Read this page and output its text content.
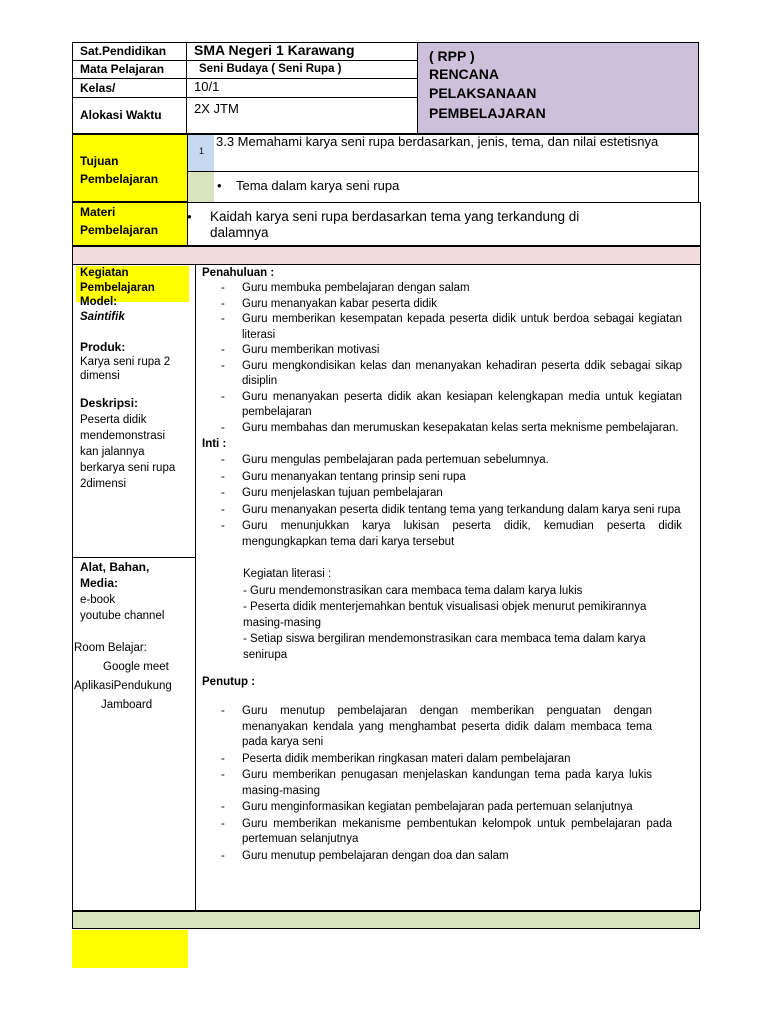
Sat.Pendidikan SMA Negeri 1 Karawang
Mata Pelajaran	Seni Budaya ( Seni Rupa )
Kelas/	10/1
Alokasi Waktu 2X JTM
( RPP )
RENCANA
PELAKSANAAN
PEMBELAJARAN
Tujuan Pembelajaran
1
3.3 Memahami karya seni rupa berdasarkan, jenis, tema, dan nilai estetisnya
• Tema dalam karya seni rupa
Materi Pembelajaran
• Kaidah karya seni rupa berdasarkan tema yang terkandung di dalamnya
Kegiatan Pembelajaran
Model:
Saintifik
Produk:
Karya seni rupa 2 dimensi
Deskripsi:
Peserta didik mendemonstrasi kan jalannya berkarya seni rupa 2dimensi
Alat, Bahan, Media:
e-book
youtube channel
Room Belajar:
Google meet
AplikasiPendukung
Jamboard
Penahuluan :
- Guru membuka pembelajaran dengan salam
- Guru menanyakan kabar peserta didik
- Guru memberikan kesempatan kepada peserta didik untuk berdoa sebagai kegiatan literasi
- Guru memberikan motivasi
- Guru mengkondisikan kelas dan menanyakan kehadiran peserta ddik sebagai sikap disiplin
- Guru menanyakan peserta didik akan kesiapan kelengkapan media untuk kegiatan pembelajaran
- Guru membahas dan merumuskan kesepakatan kelas serta meknisme pembelajaran.
Inti :
- Guru mengulas pembelajaran pada pertemuan sebelumnya.
- Guru menanyakan tentang prinsip seni rupa
- Guru menjelaskan tujuan pembelajaran
- Guru menanyakan peserta didik tentang tema yang terkandung dalam karya seni rupa
- Guru menunjukkan karya lukisan peserta didik, kemudian peserta didik mengungkapkan tema dari karya tersebut
Kegiatan literasi :
- Guru mendemonstrasikan cara membaca tema dalam karya lukis
- Peserta didik menterjemahkan bentuk visualisasi objek menurut pemikirannya masing-masing
- Setiap siswa bergiliran mendemonstrasikan cara membaca tema dalam karya senirupa
Penutup :
- Guru menutup pembelajaran dengan memberikan penguatan dengan menanyakan kendala yang menghambat peserta didik dalam membaca tema pada karya seni
- Peserta didik memberikan ringkasan materi dalam pembelajaran
- Guru memberikan penugasan menjelaskan kandungan tema pada karya lukis masing-masing
- Guru menginformasikan kegiatan pembelajaran pada pertemuan selanjutnya
- Guru memberikan mekanisme pembentukan kelompok untuk pembelajaran pada pertemuan selanjutnya
- Guru menutup pembelajaran dengan doa dan salam
